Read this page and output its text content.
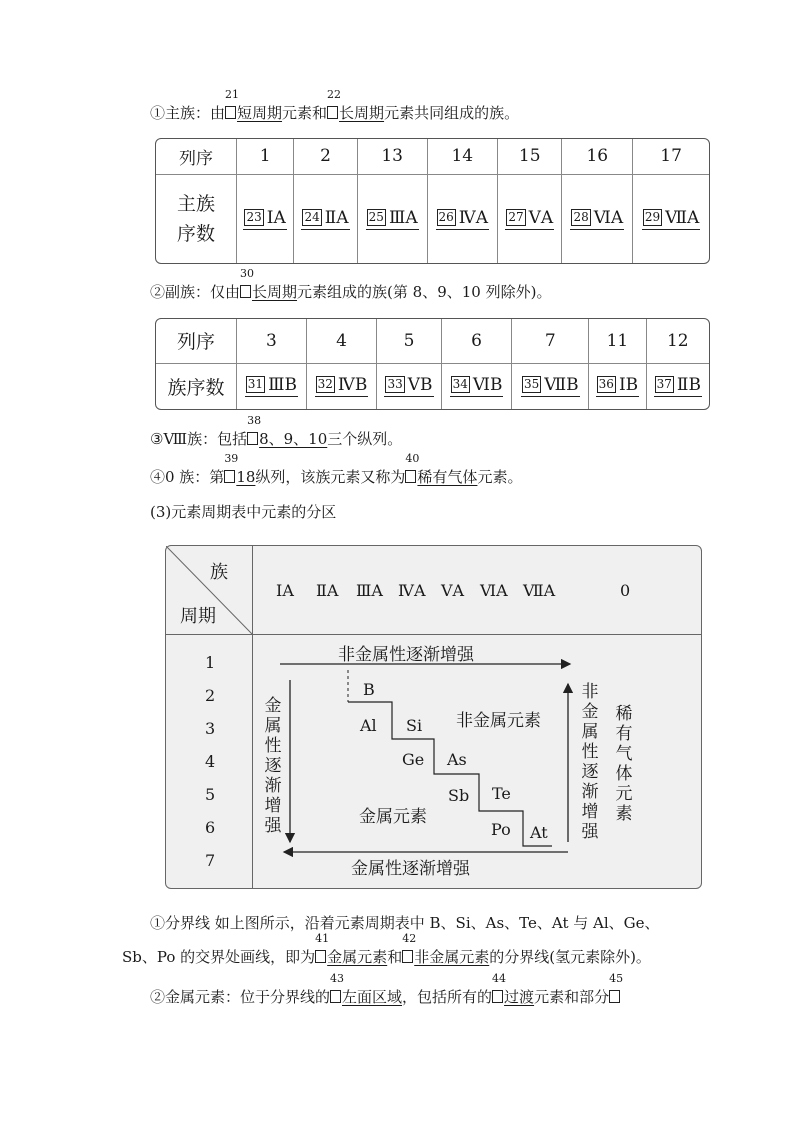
①主族：由
21
短周期元素和
22
长周期元素共同组成的族。
列序	1	2	13	14	15	16	17
主族
序数	23 ⅠA	24 ⅡA	25 ⅢA	26 ⅣA	27 ⅤA	28 ⅥA	29 ⅦA
②副族：仅由
30
长周期元素组成的族(第 8、9、10 列除外)。
列序	3	4	5	6	7	11	12
族序数	31 ⅢB	32 ⅣB	33 ⅤB	34 ⅥB	35 ⅦB	36 ⅠB	37 ⅡB
③Ⅷ族：包括
38
8、9、10三个纵列。
④0 族：第
39
18纵列，该族元素又称为
40
稀有气体元素。
(3)元素周期表中元素的分区
族
周期
ⅠA ⅡA ⅢA ⅣA ⅤA ⅥA ⅦA	0
1
2
3
4
5
6
7
非金属性逐渐增强
金属性逐渐增强
金属性逐渐增强
非金属性逐渐增强
稀有气体元素
非金属元素
金属元素
B
Al Si
Ge As
Sb Te
Po At
①分界线 如上图所示，沿着元素周期表中 B、Si、As、Te、At 与 Al、Ge、
Sb、Po 的交界处画线，即为
41
金属元素和
42
非金属元素的分界线(氢元素除外)。
②金属元素：位于分界线的
43
左面区域，包括所有的
44
过渡元素和部分
45
